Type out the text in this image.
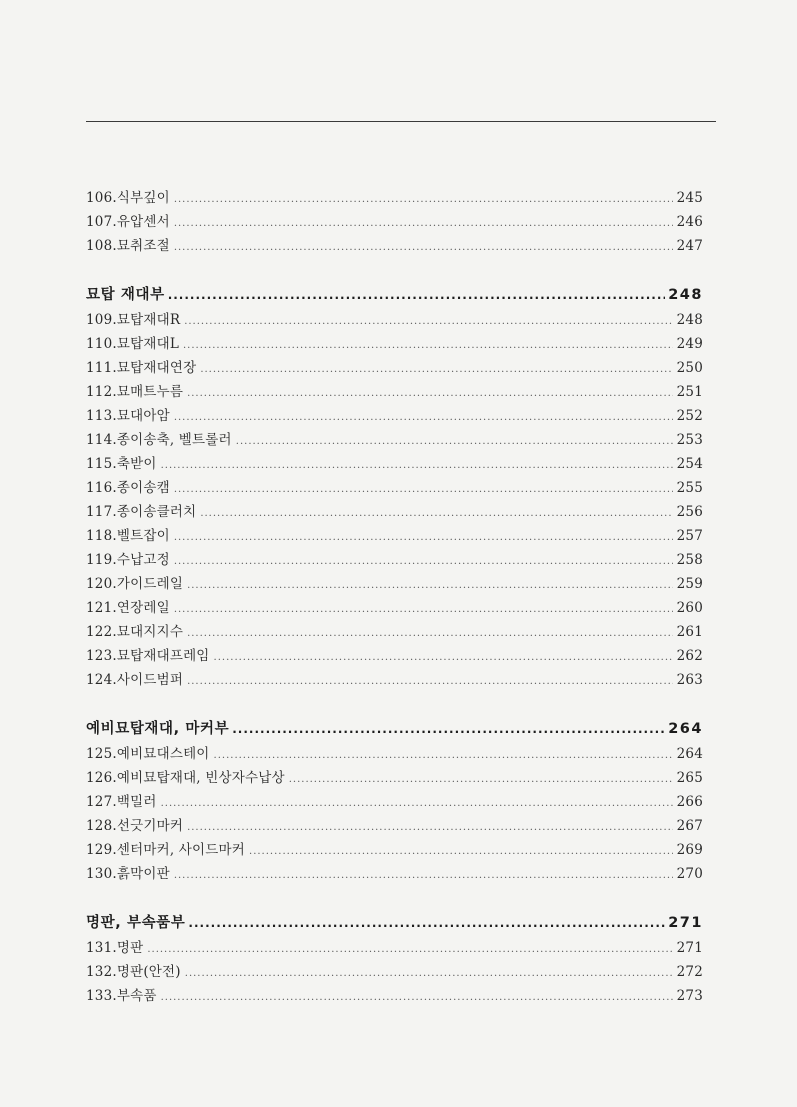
106.식부깊이 .....	245
107.유압센서 .....	246
108.묘취조절 .....	247
묘탑 재대부 .....	248
109.묘탑재대R .....	248
110.묘탑재대L .....	249
111.묘탑재대연장 .....	250
112.묘매트누름 .....	251
113.묘대아암 .....	252
114.종이송축, 벨트롤러 .....	253
115.축받이 .....	254
116.종이송캠 .....	255
117.종이송클러치 .....	256
118.벨트잡이 .....	257
119.수납고정 .....	258
120.가이드레일 .....	259
121.연장레일 .....	260
122.묘대지지수 .....	261
123.묘탑재대프레임 .....	262
124.사이드범퍼 .....	263
예비묘탑재대, 마커부 .....	264
125.예비묘대스테이 .....	264
126.예비묘탑재대, 빈상자수납상 .....	265
127.백밀러 .....	266
128.선긋기마커 .....	267
129.센터마커, 사이드마커 .....	269
130.흙막이판 .....	270
명판, 부속품부 .....	271
131.명판 .....	271
132.명판(안전) .....	272
133.부속품 .....	273
